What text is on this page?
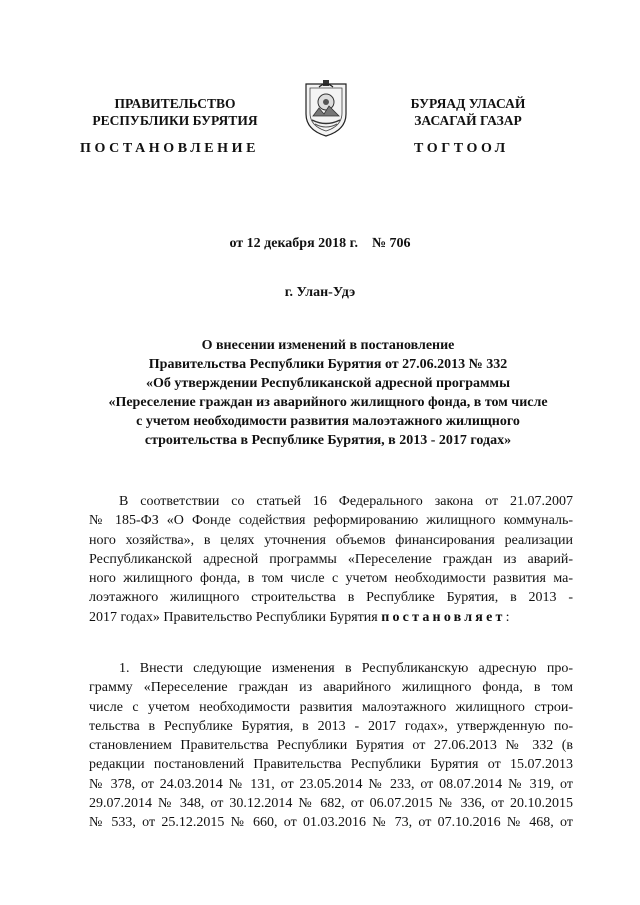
ПРАВИТЕЛЬСТВО
РЕСПУБЛИКИ БУРЯТИЯ
БУРЯАД УЛАСАЙ
ЗАСАГАЙ ГАЗАР
ПОСТАНОВЛЕНИЕ	ТОГТООЛ
от 12 декабря 2018 г.    № 706
г. Улан-Удэ
О внесении изменений в постановление
Правительства Республики Бурятия от 27.06.2013 № 332
«Об утверждении Республиканской адресной программы
«Переселение граждан из аварийного жилищного фонда, в том числе
с учетом необходимости развития малоэтажного жилищного
строительства в Республике Бурятия, в 2013 - 2017 годах»
В соответствии со статьей 16 Федерального закона от 21.07.2007
№ 185-ФЗ «О Фонде содействия реформированию жилищного коммуналь-
ного хозяйства», в целях уточнения объемов финансирования реализации
Республиканской адресной программы «Переселение граждан из аварий-
ного жилищного фонда, в том числе с учетом необходимости развития ма-
лоэтажного жилищного строительства в Республике Бурятия, в 2013 -
2017 годах» Правительство Республики Бурятия постановляет:
1. Внести следующие изменения в Республиканскую адресную про-
грамму «Переселение граждан из аварийного жилищного фонда, в том
числе с учетом необходимости развития малоэтажного жилищного строи-
тельства в Республике Бурятия, в 2013 - 2017 годах», утвержденную по-
становлением Правительства Республики Бурятия от 27.06.2013 № 332 (в
редакции постановлений Правительства Республики Бурятия от 15.07.2013
№ 378, от 24.03.2014 № 131, от 23.05.2014 № 233, от 08.07.2014 № 319, от
29.07.2014 № 348, от 30.12.2014 № 682, от 06.07.2015 № 336, от 20.10.2015
№ 533, от 25.12.2015 № 660, от 01.03.2016 № 73, от 07.10.2016 № 468, от
